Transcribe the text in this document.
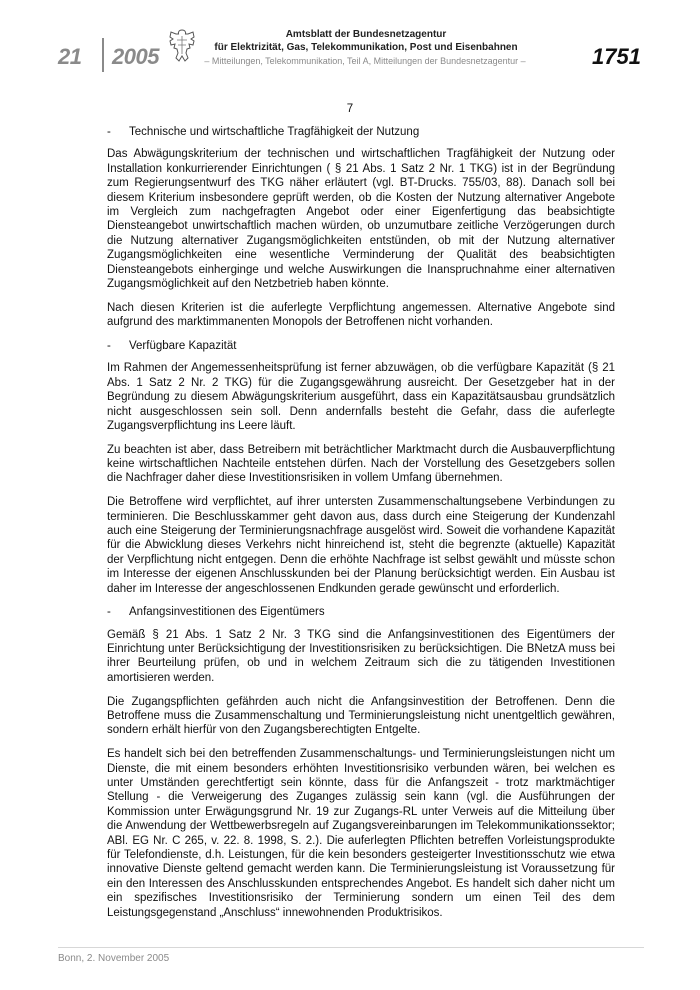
21 2005
Amtsblatt der Bundesnetzagentur
für Elektrizität, Gas, Telekommunikation, Post und Eisenbahnen
– Mitteilungen, Telekommunikation, Teil A, Mitteilungen der Bundesnetzagentur –	1751
7
-	Technische und wirtschaftliche Tragfähigkeit der Nutzung

Das Abwägungskriterium der technischen und wirtschaftlichen Tragfähigkeit der Nutzung oder Installation konkurrierender Einrichtungen ( § 21 Abs. 1 Satz 2 Nr. 1 TKG) ist in der Begründung zum Regierungsentwurf des TKG näher erläutert (vgl. BT-Drucks. 755/03, 88). Danach soll bei diesem Kriterium insbesondere geprüft werden, ob die Kosten der Nutzung alternativer Angebote im Vergleich zum nachgefragten Angebot oder einer Eigenfertigung das beabsichtigte Diensteangebot unwirtschaftlich machen würden, ob unzumutbare zeitliche Verzögerungen durch die Nutzung alternativer Zugangsmöglichkeiten entstünden, ob mit der Nutzung alternativer Zugangsmöglichkeiten eine wesentliche Verminderung der Qualität des beabsichtigten Diensteangebots einherginge und welche Auswirkungen die Inanspruchnahme einer alternativen Zugangsmöglichkeit auf den Netzbetrieb haben könnte.

Nach diesen Kriterien ist die auferlegte Verpflichtung angemessen. Alternative Angebote sind aufgrund des marktimmanenten Monopols der Betroffenen nicht vorhanden.

-	Verfügbare Kapazität

Im Rahmen der Angemessenheitsprüfung ist ferner abzuwägen, ob die verfügbare Kapazität (§ 21 Abs. 1 Satz 2 Nr. 2 TKG) für die Zugangsgewährung ausreicht. Der Gesetzgeber hat in der Begründung zu diesem Abwägungskriterium ausgeführt, dass ein Kapazitätsausbau grundsätzlich nicht ausgeschlossen sein soll. Denn andernfalls besteht die Gefahr, dass die auferlegte Zugangsverpflichtung ins Leere läuft.

Zu beachten ist aber, dass Betreibern mit beträchtlicher Marktmacht durch die Ausbauverpflichtung keine wirtschaftlichen Nachteile entstehen dürfen. Nach der Vorstellung des Gesetzgebers sollen die Nachfrager daher diese Investitionsrisiken in vollem Umfang übernehmen.

Die Betroffene wird verpflichtet, auf ihrer untersten Zusammenschaltungsebene Verbindungen zu terminieren. Die Beschlusskammer geht davon aus, dass durch eine Steigerung der Kundenzahl auch eine Steigerung der Terminierungsnachfrage ausgelöst wird. Soweit die vorhandene Kapazität für die Abwicklung dieses Verkehrs nicht hinreichend ist, steht die begrenzte (aktuelle) Kapazität der Verpflichtung nicht entgegen. Denn die erhöhte Nachfrage ist selbst gewählt und müsste schon im Interesse der eigenen Anschlusskunden bei der Planung berücksichtigt werden. Ein Ausbau ist daher im Interesse der angeschlossenen Endkunden gerade gewünscht und erforderlich.

-	Anfangsinvestitionen des Eigentümers

Gemäß § 21 Abs. 1 Satz 2 Nr. 3 TKG sind die Anfangsinvestitionen des Eigentümers der Einrichtung unter Berücksichtigung der Investitionsrisiken zu berücksichtigen. Die BNetzA muss bei ihrer Beurteilung prüfen, ob und in welchem Zeitraum sich die zu tätigenden Investitionen amortisieren werden.

Die Zugangspflichten gefährden auch nicht die Anfangsinvestition der Betroffenen. Denn die Betroffene muss die Zusammenschaltung und Terminierungsleistung nicht unentgeltlich gewähren, sondern erhält hierfür von den Zugangsberechtigten Entgelte.

Es handelt sich bei den betreffenden Zusammenschaltungs- und Terminierungsleistungen nicht um Dienste, die mit einem besonders erhöhten Investitionsrisiko verbunden wären, bei welchen es unter Umständen gerechtfertigt sein könnte, dass für die Anfangszeit - trotz marktmächtiger Stellung - die Verweigerung des Zuganges zulässig sein kann (vgl. die Ausführungen der Kommission unter Erwägungsgrund Nr. 19 zur Zugangs-RL unter Verweis auf die Mitteilung über die Anwendung der Wettbewerbsregeln auf Zugangsvereinbarungen im Telekommunikationssektor; ABl. EG Nr. C 265, v. 22. 8. 1998, S. 2.). Die auferlegten Pflichten betreffen Vorleistungsprodukte für Telefondienste, d.h. Leistungen, für die kein besonders gesteigerter Investitionsschutz wie etwa innovative Dienste geltend gemacht werden kann. Die Terminierungsleistung ist Voraussetzung für ein den Interessen des Anschlusskunden entsprechendes Angebot. Es handelt sich daher nicht um ein spezifisches Investitionsrisiko der Terminierung sondern um einen Teil des dem Leistungsgegenstand „Anschluss“ innewohnenden Produktrisikos.

Bonn, 2. November 2005
